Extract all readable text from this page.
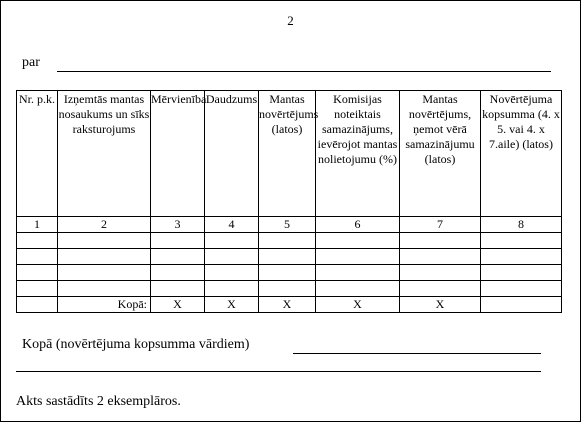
2
par
Nr. p.k.	Izņemtās mantas nosaukums un sīks raksturojums	Mērvienība	Daudzums	Mantas novērtējums (latos)	Komisijas noteiktais samazinājums, ievērojot mantas nolietojumu (%)	Mantas novērtējums, ņemot vērā samazinājumu (latos)	Novērtējuma kopsumma (4. x 5. vai 4. x 7.aile) (latos)
1	2	3	4	5	6	7	8

	Kopā:	X	X	X	X	X	
Kopā (novērtējuma kopsumma vārdiem)
Akts sastādīts 2 eksemplāros.
